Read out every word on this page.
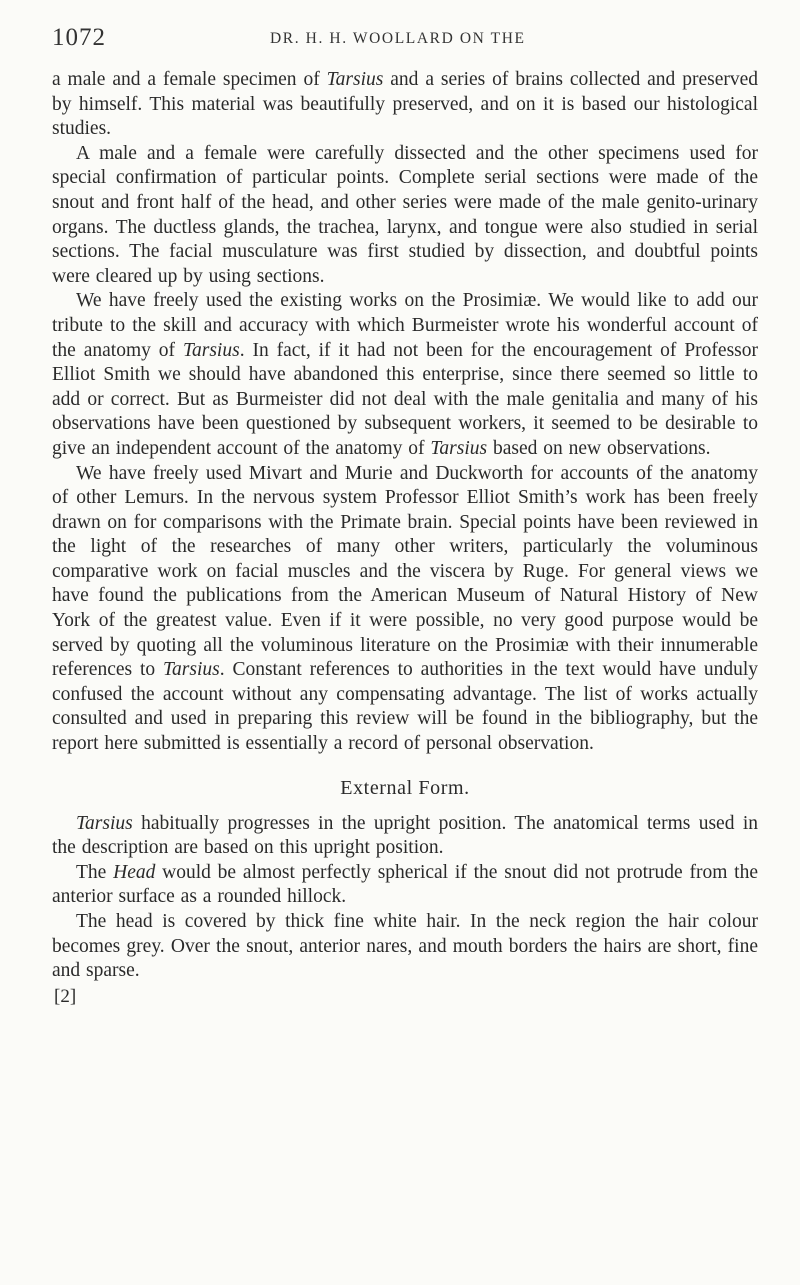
1072	DR. H. H. WOOLLARD ON THE

a male and a female specimen of Tarsius and a series of brains collected and preserved by himself. This material was beautifully preserved, and on it is based our histological studies.

A male and a female were carefully dissected and the other specimens used for special confirmation of particular points. Complete serial sections were made of the snout and front half of the head, and other series were made of the male genito-urinary organs. The ductless glands, the trachea, larynx, and tongue were also studied in serial sections. The facial musculature was first studied by dissection, and doubtful points were cleared up by using sections.

We have freely used the existing works on the Prosimiæ. We would like to add our tribute to the skill and accuracy with which Burmeister wrote his wonderful account of the anatomy of Tarsius. In fact, if it had not been for the encouragement of Professor Elliot Smith we should have abandoned this enterprise, since there seemed so little to add or correct. But as Burmeister did not deal with the male genitalia and many of his observations have been questioned by subsequent workers, it seemed to be desirable to give an independent account of the anatomy of Tarsius based on new observations.

We have freely used Mivart and Murie and Duckworth for accounts of the anatomy of other Lemurs. In the nervous system Professor Elliot Smith’s work has been freely drawn on for comparisons with the Primate brain. Special points have been reviewed in the light of the researches of many other writers, particularly the voluminous comparative work on facial muscles and the viscera by Ruge. For general views we have found the publications from the American Museum of Natural History of New York of the greatest value. Even if it were possible, no very good purpose would be served by quoting all the voluminous literature on the Prosimiæ with their innumerable references to Tarsius. Constant references to authorities in the text would have unduly confused the account without any compensating advantage. The list of works actually consulted and used in preparing this review will be found in the bibliography, but the report here submitted is essentially a record of personal observation.

External Form.

Tarsius habitually progresses in the upright position. The anatomical terms used in the description are based on this upright position.

The Head would be almost perfectly spherical if the snout did not protrude from the anterior surface as a rounded hillock.

The head is covered by thick fine white hair. In the neck region the hair colour becomes grey. Over the snout, anterior nares, and mouth borders the hairs are short, fine and sparse.

[2]
